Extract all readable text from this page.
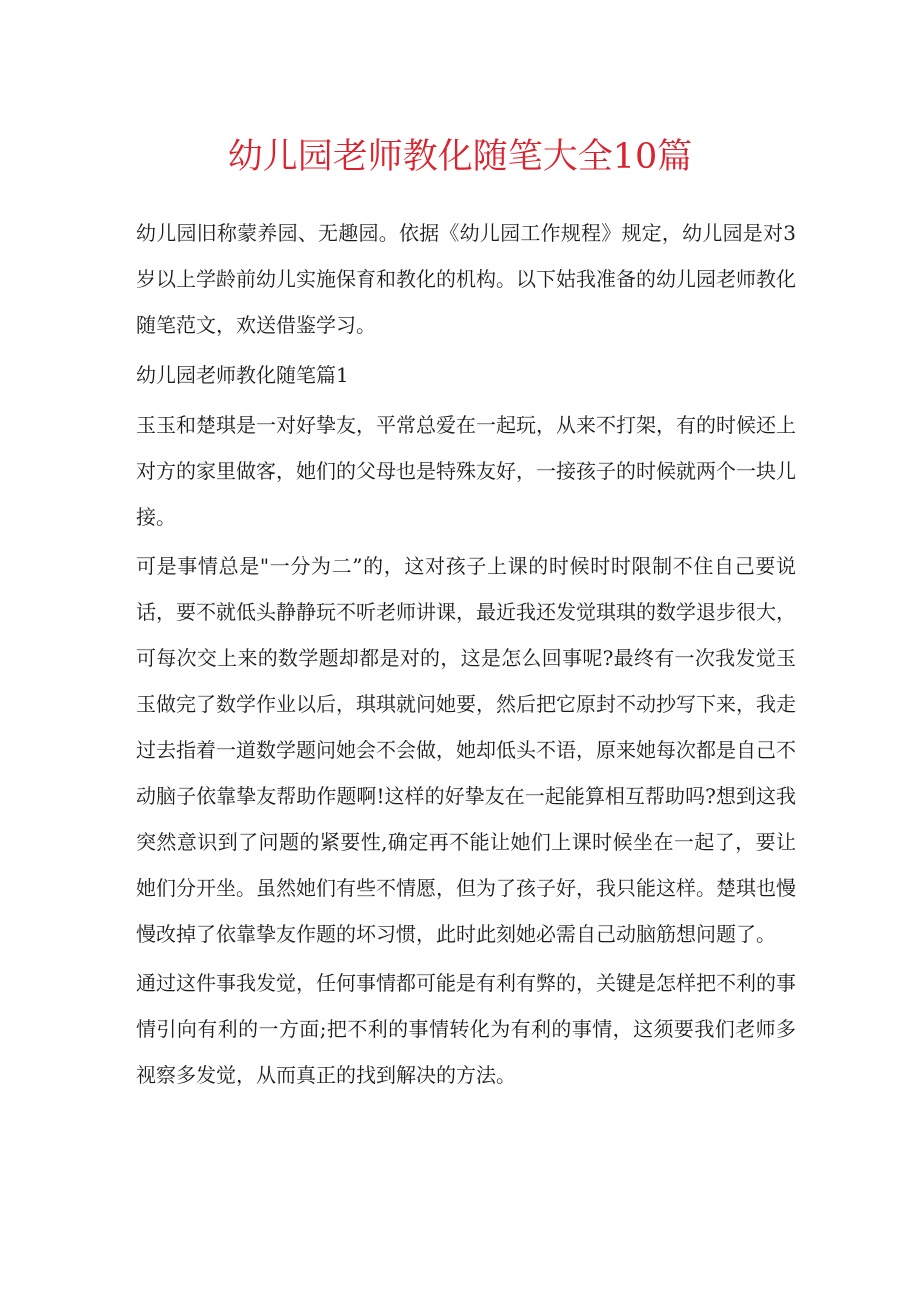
幼儿园老师教化随笔大全10篇

幼儿园旧称蒙养园、无趣园。依据《幼儿园工作规程》规定，幼儿园是对3岁以上学龄前幼儿实施保育和教化的机构。以下姑我准备的幼儿园老师教化随笔范文，欢送借鉴学习。

幼儿园老师教化随笔篇1

玉玉和楚琪是一对好挚友，平常总爱在一起玩，从来不打架，有的时候还上对方的家里做客，她们的父母也是特殊友好，一接孩子的时候就两个一块儿接。

可是事情总是"一分为二”的，这对孩子上课的时候时时限制不住自己要说话，要不就低头静静玩不听老师讲课，最近我还发觉琪琪的数学退步很大，可每次交上来的数学题却都是对的，这是怎么回事呢?最终有一次我发觉玉玉做完了数学作业以后，琪琪就问她要，然后把它原封不动抄写下来，我走过去指着一道数学题问她会不会做，她却低头不语，原来她每次都是自己不动脑子依靠挚友帮助作题啊!这样的好挚友在一起能算相互帮助吗?想到这我突然意识到了问题的紧要性,确定再不能让她们上课时候坐在一起了，要让她们分开坐。虽然她们有些不情愿，但为了孩子好，我只能这样。楚琪也慢慢改掉了依靠挚友作题的坏习惯，此时此刻她必需自己动脑筋想问题了。

通过这件事我发觉，任何事情都可能是有利有弊的，关键是怎样把不利的事情引向有利的一方面;把不利的事情转化为有利的事情，这须要我们老师多视察多发觉，从而真正的找到解决的方法。
